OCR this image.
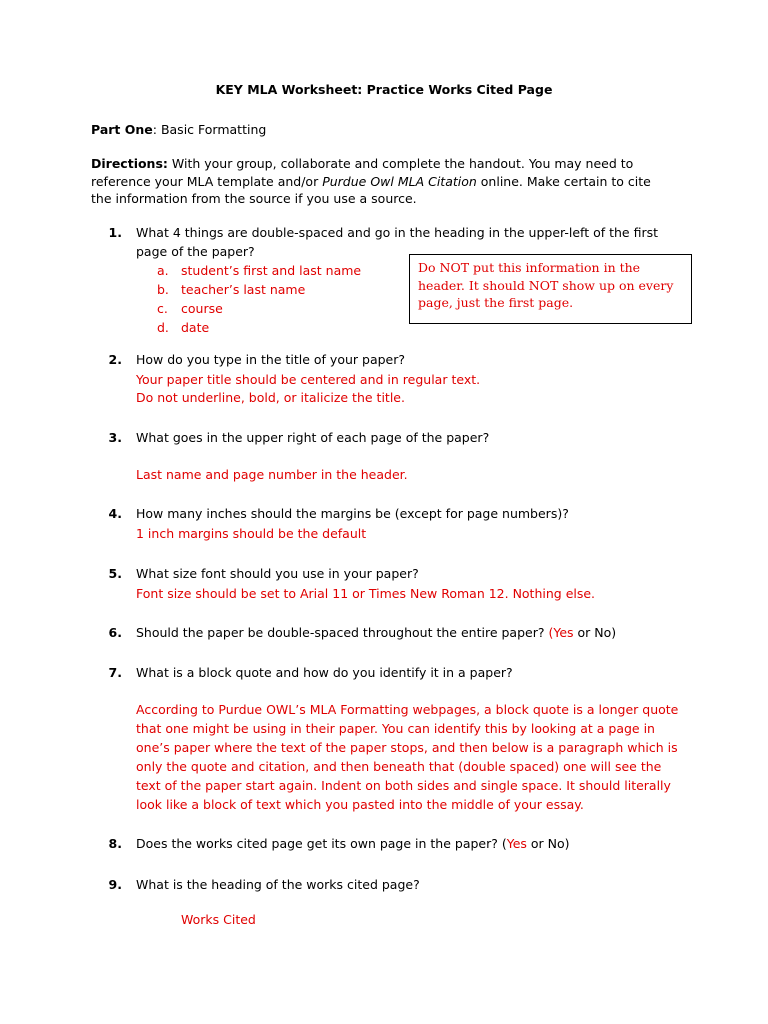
KEY MLA Worksheet: Practice Works Cited Page
Part One: Basic Formatting
Directions: With your group, collaborate and complete the handout. You may need to
reference your MLA template and/or Purdue Owl MLA Citation online. Make certain to cite
the information from the source if you use a source.
1. What 4 things are double-spaced and go in the heading in the upper-left of the first
page of the paper?
a. student’s first and last name
b. teacher’s last name
c. course
d. date
Do NOT put this information in the header. It should NOT show up on every page, just the first page.
2. How do you type in the title of your paper?
Your paper title should be centered and in regular text.
Do not underline, bold, or italicize the title.
3. What goes in the upper right of each page of the paper?
Last name and page number in the header.
4. How many inches should the margins be (except for page numbers)?
1 inch margins should be the default
5. What size font should you use in your paper?
Font size should be set to Arial 11 or Times New Roman 12. Nothing else.
6. Should the paper be double-spaced throughout the entire paper? (Yes or No)
7. What is a block quote and how do you identify it in a paper?
According to Purdue OWL’s MLA Formatting webpages, a block quote is a longer quote
that one might be using in their paper. You can identify this by looking at a page in
one’s paper where the text of the paper stops, and then below is a paragraph which is
only the quote and citation, and then beneath that (double spaced) one will see the
text of the paper start again. Indent on both sides and single space. It should literally
look like a block of text which you pasted into the middle of your essay.
8. Does the works cited page get its own page in the paper? (Yes or No)
9. What is the heading of the works cited page?
Works Cited
